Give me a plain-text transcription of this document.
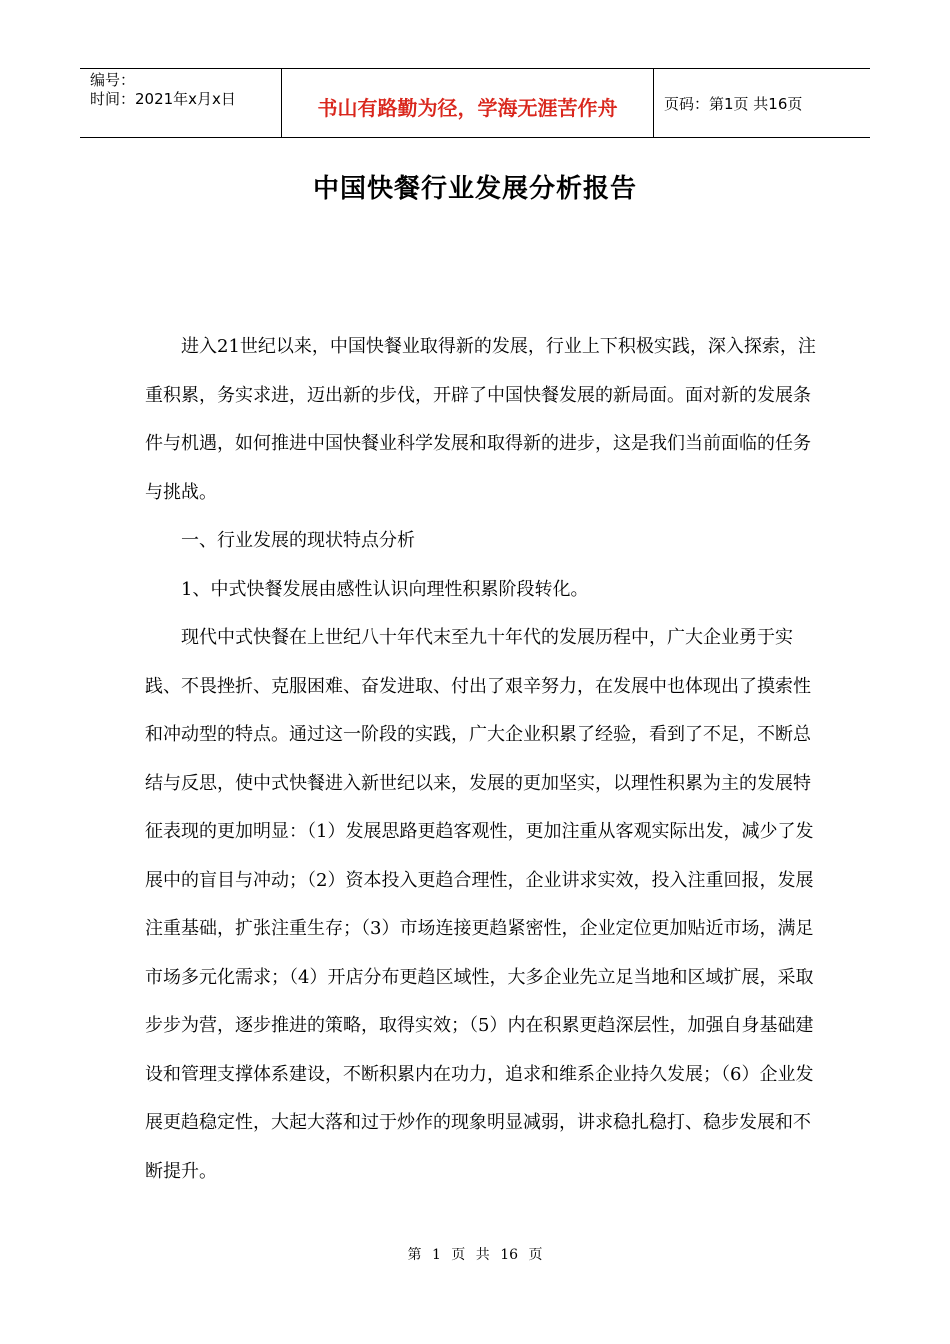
编号：
时间：2021年x月x日	书山有路勤为径，学海无涯苦作舟	页码：第1页 共16页
中国快餐行业发展分析报告

进入21世纪以来，中国快餐业取得新的发展，行业上下积极实践，深入探索，注重积累，务实求进，迈出新的步伐，开辟了中国快餐发展的新局面。面对新的发展条件与机遇，如何推进中国快餐业科学发展和取得新的进步，这是我们当前面临的任务与挑战。

一、行业发展的现状特点分析

1、中式快餐发展由感性认识向理性积累阶段转化。

现代中式快餐在上世纪八十年代末至九十年代的发展历程中，广大企业勇于实践、不畏挫折、克服困难、奋发进取、付出了艰辛努力，在发展中也体现出了摸索性和冲动型的特点。通过这一阶段的实践，广大企业积累了经验，看到了不足，不断总结与反思，使中式快餐进入新世纪以来，发展的更加坚实，以理性积累为主的发展特征表现的更加明显：（1）发展思路更趋客观性，更加注重从客观实际出发，减少了发展中的盲目与冲动；（2）资本投入更趋合理性，企业讲求实效，投入注重回报，发展注重基础，扩张注重生存；（3）市场连接更趋紧密性，企业定位更加贴近市场，满足市场多元化需求；（4）开店分布更趋区域性，大多企业先立足当地和区域扩展，采取步步为营，逐步推进的策略，取得实效；（5）内在积累更趋深层性，加强自身基础建设和管理支撑体系建设，不断积累内在功力，追求和维系企业持久发展；（6）企业发展更趋稳定性，大起大落和过于炒作的现象明显减弱，讲求稳扎稳打、稳步发展和不断提升。

第 1 页 共 16 页
